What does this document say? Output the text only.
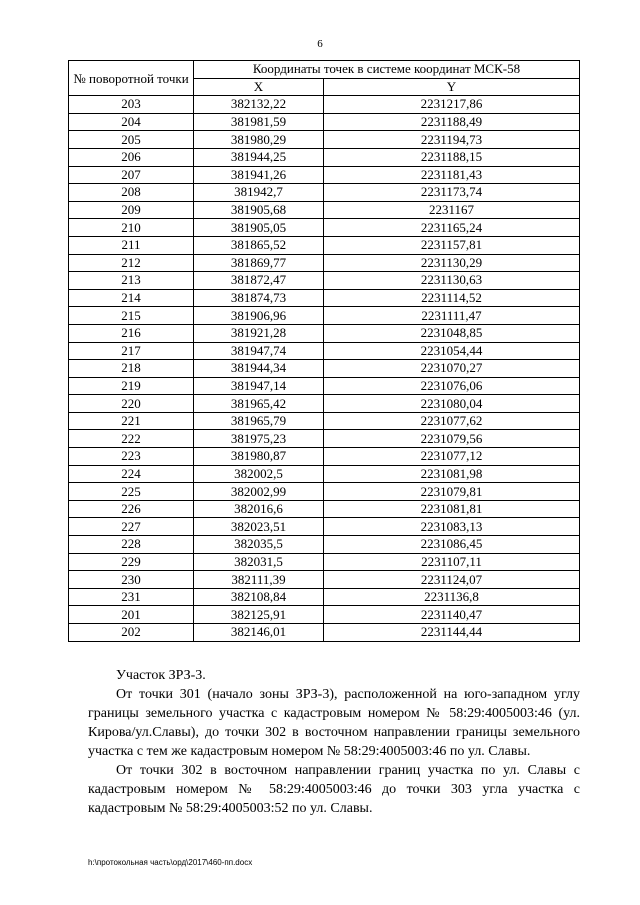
6
№ поворотной точки	Координаты точек в системе координат МСК-58	
	X	Y
203	382132,22	2231217,86
204	381981,59	2231188,49
205	381980,29	2231194,73
206	381944,25	2231188,15
207	381941,26	2231181,43
208	381942,7	2231173,74
209	381905,68	2231167
210	381905,05	2231165,24
211	381865,52	2231157,81
212	381869,77	2231130,29
213	381872,47	2231130,63
214	381874,73	2231114,52
215	381906,96	2231111,47
216	381921,28	2231048,85
217	381947,74	2231054,44
218	381944,34	2231070,27
219	381947,14	2231076,06
220	381965,42	2231080,04
221	381965,79	2231077,62
222	381975,23	2231079,56
223	381980,87	2231077,12
224	382002,5	2231081,98
225	382002,99	2231079,81
226	382016,6	2231081,81
227	382023,51	2231083,13
228	382035,5	2231086,45
229	382031,5	2231107,11
230	382111,39	2231124,07
231	382108,84	2231136,8
201	382125,91	2231140,47
202	382146,01	2231144,44

Участок ЗРЗ-3.

От точки 301 (начало зоны ЗРЗ-3), расположенной на юго-западном углу границы земельного участка с кадастровым номером № 58:29:4005003:46 (ул. Кирова/ул.Славы), до точки 302 в восточном направлении границы земельного участка с тем же кадастровым номером № 58:29:4005003:46 по ул. Славы.

От точки 302 в восточном направлении границ участка по ул. Славы с кадастровым номером № 58:29:4005003:46 до точки 303 угла участка с кадастровым № 58:29:4005003:52 по ул. Славы.

h:\протокольная часть\орд\2017\460-пп.docx
